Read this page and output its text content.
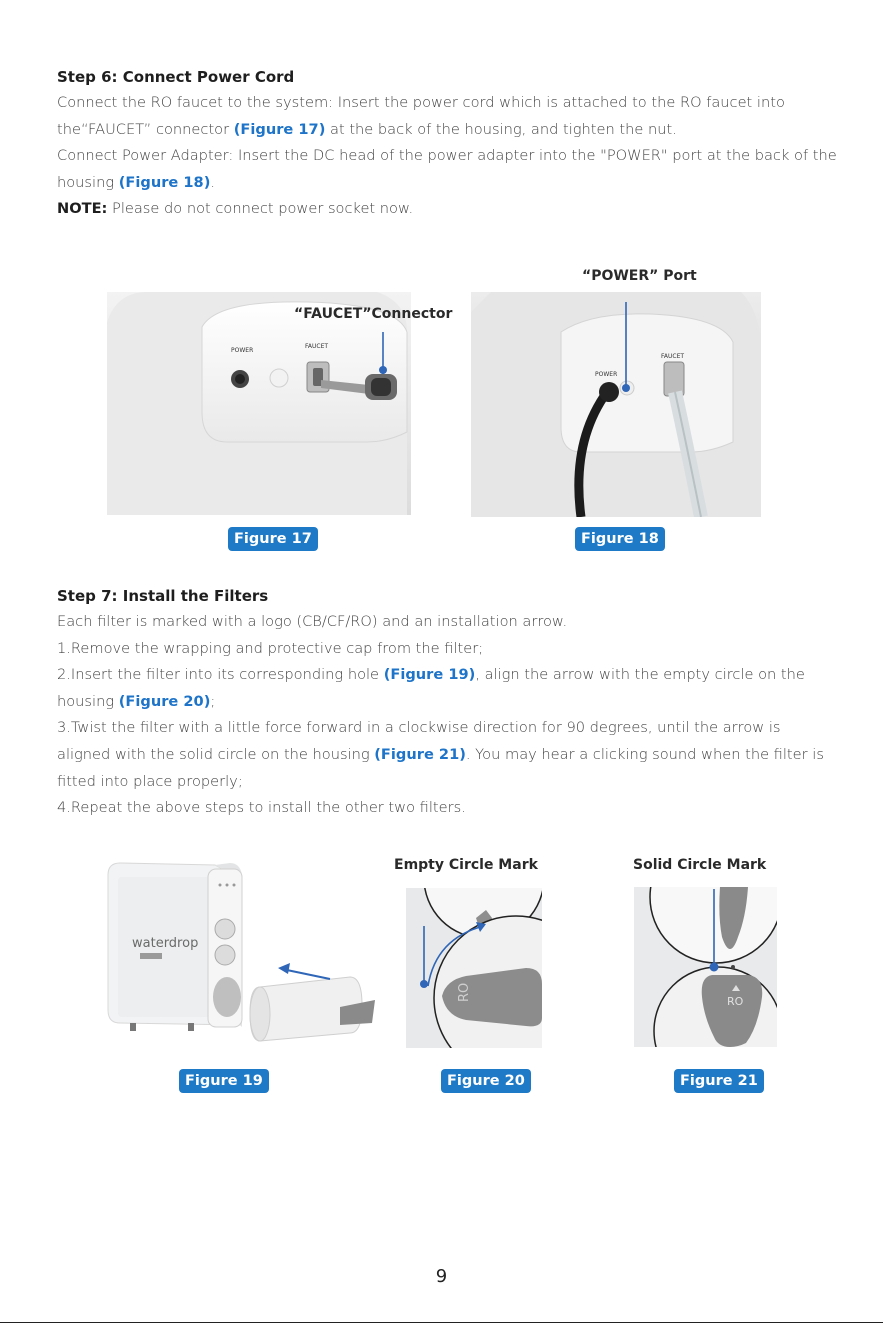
Step 6: Connect Power Cord
Connect the RO faucet to the system: Insert the power cord which is attached to the RO faucet into the“FAUCET” connector (Figure 17) at the back of the housing, and tighten the nut.
Connect Power Adapter: Insert the DC head of the power adapter into the "POWER" port at the back of the housing (Figure 18).
NOTE: Please do not connect power socket now.
POWER
FAUCET
“FAUCET”Connector
Figure 17
POWER
FAUCET
“POWER” Port
Figure 18
Step 7: Install the Filters
Each filter is marked with a logo (CB/CF/RO) and an installation arrow.
1.Remove the wrapping and protective cap from the filter;
2.Insert the filter into its corresponding hole (Figure 19), align the arrow with the empty circle on the housing (Figure 20);
3.Twist the filter with a little force forward in a clockwise direction for 90 degrees, until the arrow is aligned with the solid circle on the housing (Figure 21). You may hear a clicking sound when the filter is fitted into place properly;
4.Repeat the above steps to install the other two filters.
waterdrop
Figure 19
Empty Circle Mark
RO
Figure 20
Solid Circle Mark
RO
Figure 21
9
